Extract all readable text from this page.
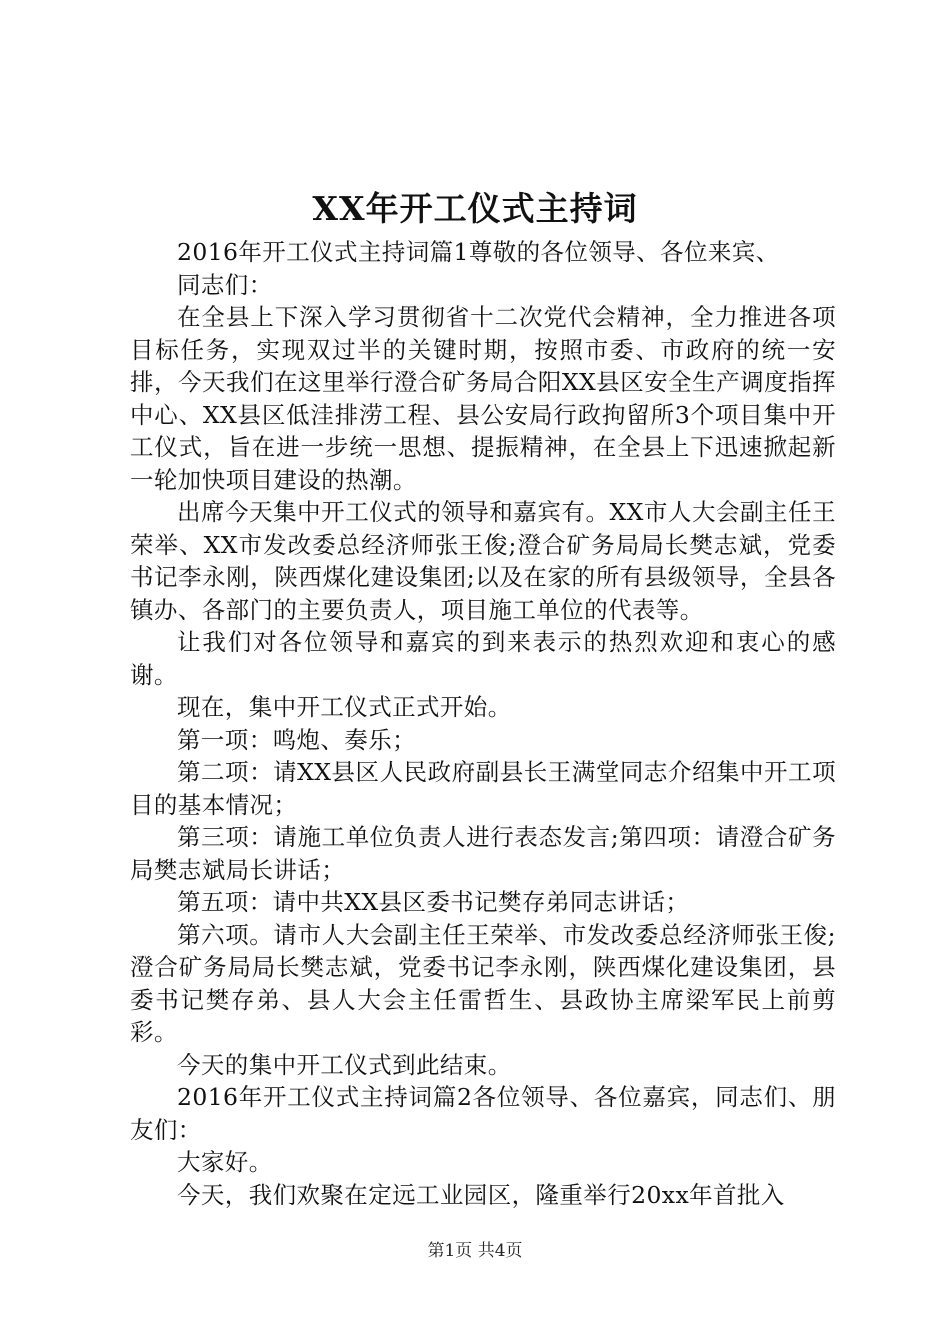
XX年开工仪式主持词

2016年开工仪式主持词篇1尊敬的各位领导、各位来宾、

同志们：

在全县上下深入学习贯彻省十二次党代会精神，全力推进各项目标任务，实现双过半的关键时期，按照市委、市政府的统一安排，今天我们在这里举行澄合矿务局合阳XX县区安全生产调度指挥中心、XX县区低洼排涝工程、县公安局行政拘留所3个项目集中开工仪式，旨在进一步统一思想、提振精神，在全县上下迅速掀起新一轮加快项目建设的热潮。

出席今天集中开工仪式的领导和嘉宾有。XX市人大会副主任王荣举、XX市发改委总经济师张王俊;澄合矿务局局长樊志斌，党委书记李永刚，陕西煤化建设集团;以及在家的所有县级领导，全县各镇办、各部门的主要负责人，项目施工单位的代表等。

让我们对各位领导和嘉宾的到来表示的热烈欢迎和衷心的感谢。

现在，集中开工仪式正式开始。

第一项：鸣炮、奏乐；

第二项：请XX县区人民政府副县长王满堂同志介绍集中开工项目的基本情况；

第三项：请施工单位负责人进行表态发言;第四项：请澄合矿务局樊志斌局长讲话；

第五项：请中共XX县区委书记樊存弟同志讲话；

第六项。请市人大会副主任王荣举、市发改委总经济师张王俊;澄合矿务局局长樊志斌，党委书记李永刚，陕西煤化建设集团，县委书记樊存弟、县人大会主任雷哲生、县政协主席梁军民上前剪彩。

今天的集中开工仪式到此结束。

2016年开工仪式主持词篇2各位领导、各位嘉宾，同志们、朋友们：

大家好。

今天，我们欢聚在定远工业园区，隆重举行20xx年首批入

第1页 共4页
